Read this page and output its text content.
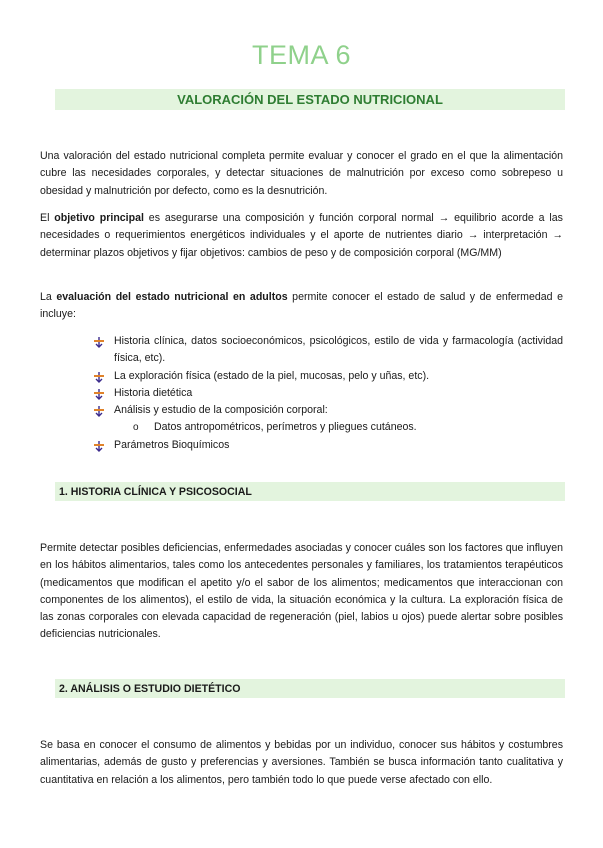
TEMA 6
VALORACIÓN DEL ESTADO NUTRICIONAL

Una valoración del estado nutricional completa permite evaluar y conocer el grado en el que la alimentación cubre las necesidades corporales, y detectar situaciones de malnutrición por exceso como sobrepeso u obesidad y malnutrición por defecto, como es la desnutrición.

El objetivo principal es asegurarse una composición y función corporal normal → equilibrio acorde a las necesidades o requerimientos energéticos individuales y el aporte de nutrientes diario → interpretación → determinar plazos objetivos y fijar objetivos: cambios de peso y de composición corporal (MG/MM)

La evaluación del estado nutricional en adultos permite conocer el estado de salud y de enfermedad e incluye:

Historia clínica, datos socioeconómicos, psicológicos, estilo de vida y farmacología (actividad física, etc).
La exploración física (estado de la piel, mucosas, pelo y uñas, etc).
Historia dietética
Análisis y estudio de la composición corporal:
o Datos antropométricos, perímetros y pliegues cutáneos.
Parámetros Bioquímicos
1. HISTORIA CLÍNICA Y PSICOSOCIAL

Permite detectar posibles deficiencias, enfermedades asociadas y conocer cuáles son los factores que influyen en los hábitos alimentarios, tales como los antecedentes personales y familiares, los tratamientos terapéuticos (medicamentos que modifican el apetito y/o el sabor de los alimentos; medicamentos que interaccionan con componentes de los alimentos), el estilo de vida, la situación económica y la cultura. La exploración física de las zonas corporales con elevada capacidad de regeneración (piel, labios u ojos) puede alertar sobre posibles deficiencias nutricionales.

2. ANÁLISIS O ESTUDIO DIETÉTICO

Se basa en conocer el consumo de alimentos y bebidas por un individuo, conocer sus hábitos y costumbres alimentarias, además de gusto y preferencias y aversiones. También se busca información tanto cualitativa y cuantitativa en relación a los alimentos, pero también todo lo que puede verse afectado con ello.
